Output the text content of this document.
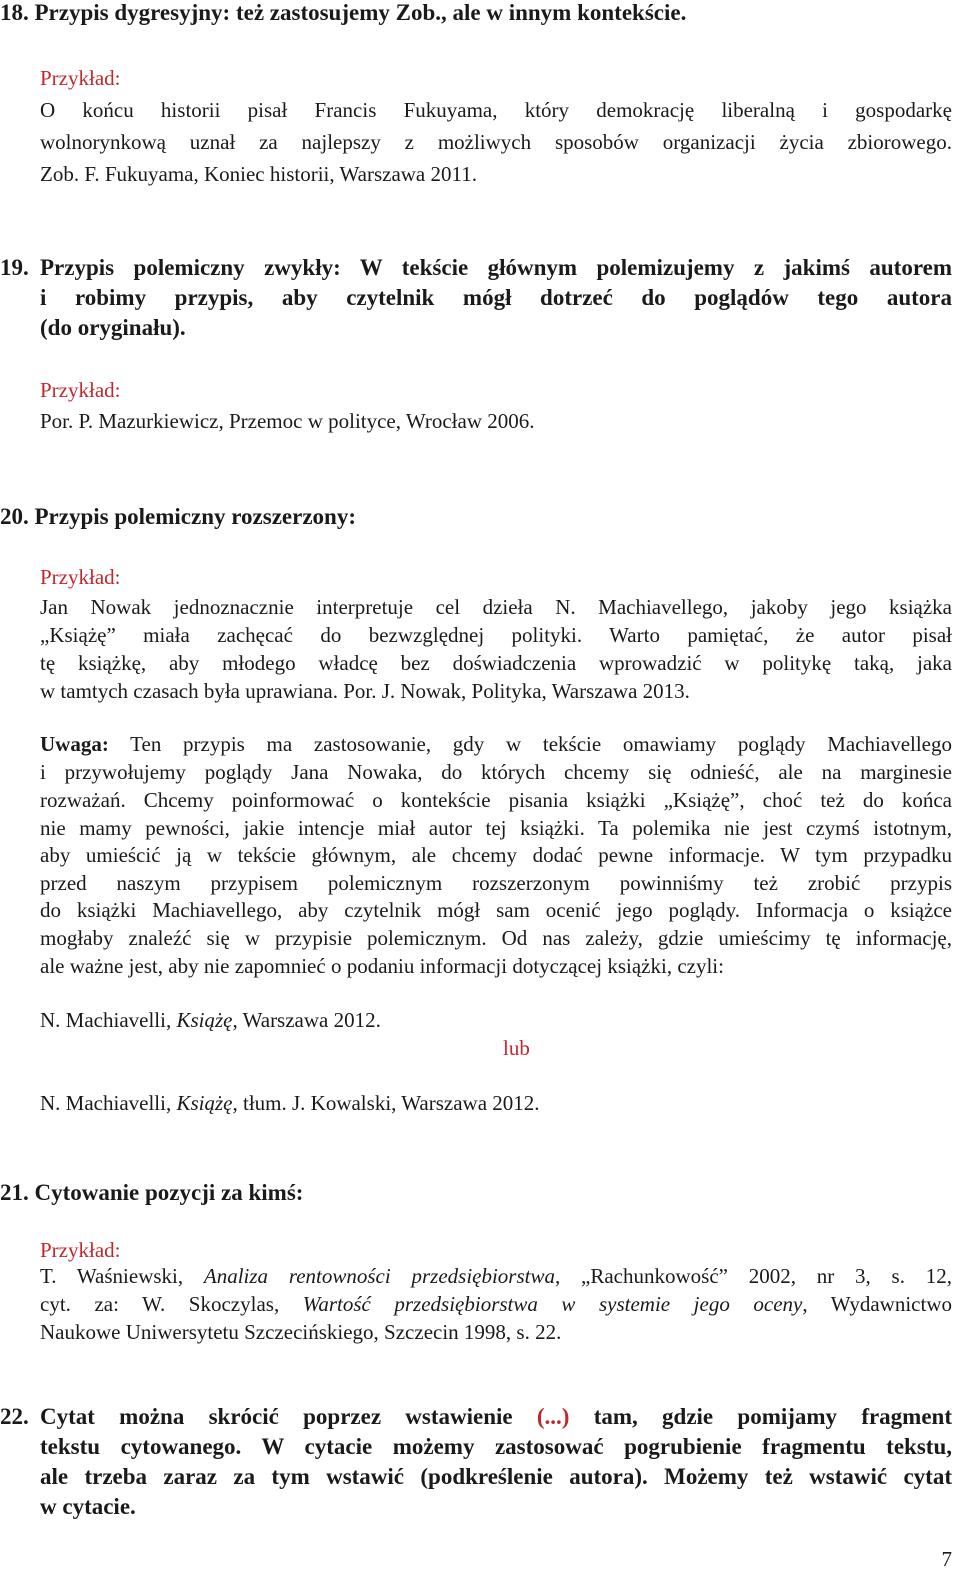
18. Przypis dygresyjny: też zastosujemy Zob., ale w innym kontekście.
Przykład:
O końcu historii pisał Francis Fukuyama, który demokrację liberalną i gospodarkę
wolnorynkową uznał za najlepszy z możliwych sposobów organizacji życia zbiorowego.
Zob. F. Fukuyama, Koniec historii, Warszawa 2011.
19. Przypis polemiczny zwykły: W tekście głównym polemizujemy z jakimś autorem
i robimy przypis, aby czytelnik mógł dotrzeć do poglądów tego autora
(do oryginału).
Przykład:
Por. P. Mazurkiewicz, Przemoc w polityce, Wrocław 2006.
20. Przypis polemiczny rozszerzony:
Przykład:
Jan Nowak jednoznacznie interpretuje cel dzieła N. Machiavellego, jakoby jego książka
„Książę” miała zachęcać do bezwzględnej polityki. Warto pamiętać, że autor pisał
tę książkę, aby młodego władcę bez doświadczenia wprowadzić w politykę taką, jaka
w tamtych czasach była uprawiana. Por. J. Nowak, Polityka, Warszawa 2013.
Uwaga: Ten przypis ma zastosowanie, gdy w tekście omawiamy poglądy Machiavellego
i przywołujemy poglądy Jana Nowaka, do których chcemy się odnieść, ale na marginesie
rozważań. Chcemy poinformować o kontekście pisania książki „Książę”, choć też do końca
nie mamy pewności, jakie intencje miał autor tej książki. Ta polemika nie jest czymś istotnym,
aby umieścić ją w tekście głównym, ale chcemy dodać pewne informacje. W tym przypadku
przed naszym przypisem polemicznym rozszerzonym powinniśmy też zrobić przypis
do książki Machiavellego, aby czytelnik mógł sam ocenić jego poglądy. Informacja o książce
mogłaby znaleźć się w przypisie polemicznym. Od nas zależy, gdzie umieścimy tę informację,
ale ważne jest, aby nie zapomnieć o podaniu informacji dotyczącej książki, czyli:
N. Machiavelli, Książę, Warszawa 2012.
lub
N. Machiavelli, Książę, tłum. J. Kowalski, Warszawa 2012.
21. Cytowanie pozycji za kimś:
Przykład:
T. Waśniewski, Analiza rentowności przedsiębiorstwa, „Rachunkowość” 2002, nr 3, s. 12,
cyt. za: W. Skoczylas, Wartość przedsiębiorstwa w systemie jego oceny, Wydawnictwo
Naukowe Uniwersytetu Szczecińskiego, Szczecin 1998, s. 22.
22. Cytat można skrócić poprzez wstawienie (...) tam, gdzie pomijamy fragment
tekstu cytowanego. W cytacie możemy zastosować pogrubienie fragmentu tekstu,
ale trzeba zaraz za tym wstawić (podkreślenie autora). Możemy też wstawić cytat
w cytacie.
7
